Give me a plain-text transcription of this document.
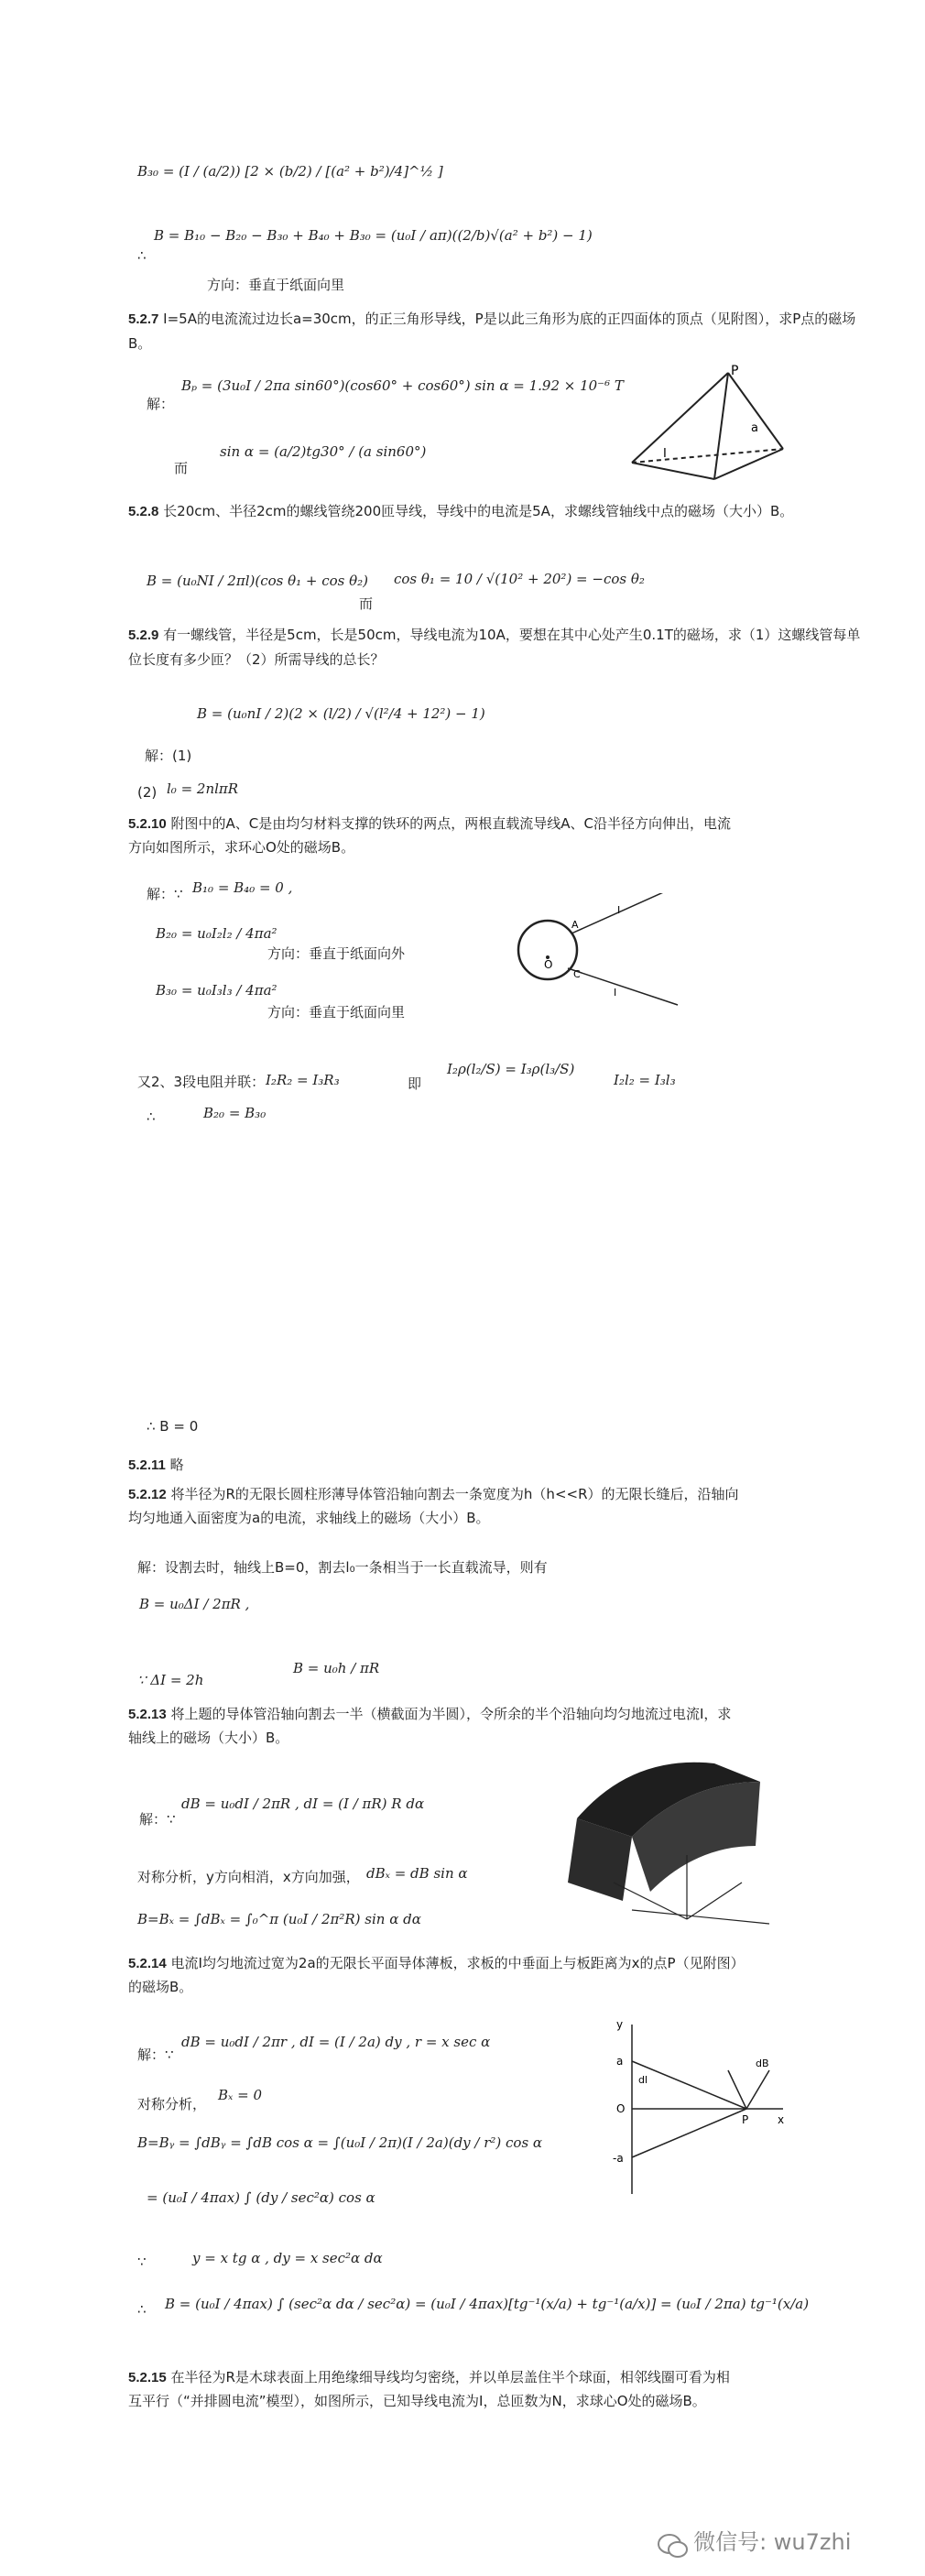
B₃₀ = (I / (a/2)) [2 × (b/2) / [(a² + b²)/4]^½ ]
∴
B = B₁₀ − B₂₀ − B₃₀ + B₄₀ + B₃₀ = (u₀I / aπ)((2/b)√(a² + b²) − 1)
方向：垂直于纸面向里
5.2.7 I=5A的电流流过边长a=30cm，的正三角形导线，P是以此三角形为底的正四面体的顶点（见附图），求P点的磁场B。
解：
Bₚ = (3u₀I / 2πa sin60°)(cos60° + cos60°) sin α = 1.92 × 10⁻⁶ T
而
sin α = (a/2)tg30° / (a sin60°)
P
I
a
5.2.8 长20cm、半径2cm的螺线管绕200匝导线，导线中的电流是5A，求螺线管轴线中点的磁场（大小）B。
B = (u₀NI / 2πl)(cos θ₁ + cos θ₂)
而
cos θ₁ = 10 / √(10² + 20²) = −cos θ₂
5.2.9 有一螺线管，半径是5cm，长是50cm，导线电流为10A，要想在其中心处产生0.1T的磁场，求（1）这螺线管每单位长度有多少匝？（2）所需导线的总长？
B = (u₀nI / 2)(2 × (l/2) / √(l²/4 + 12²) − 1)
解：(1)
(2) l₀ = 2nlπR
5.2.10 附图中的A、C是由均匀材料支撑的铁环的两点，两根直载流导线A、C沿半径方向伸出，电流
方向如图所示，求环心O处的磁场B。
解：∵ B₁₀ = B₄₀ = 0 ,
B₂₀ = u₀I₂l₂ / 4πa²
方向：垂直于纸面向外
B₃₀ = u₀I₃l₃ / 4πa²
方向：垂直于纸面向里
A
O
C
I
I
又2、3段电阻并联： I₂R₂ = I₃R₃	即
I₂ρ(l₂/S) = I₃ρ(l₃/S)
I₂l₂ = I₃l₃
∴	B₂₀ = B₃₀
∴ B = 0
5.2.11 略
5.2.12 将半径为R的无限长圆柱形薄导体管沿轴向割去一条宽度为h（h<<R）的无限长缝后，沿轴向
均匀地通入面密度为a的电流，求轴线上的磁场（大小）B。
解：设割去时，轴线上B=0，割去l₀一条相当于一长直载流导，则有
B = u₀ΔI / 2πR ,
∵ ΔI = 2h
B = u₀h / πR
5.2.13 将上题的导体管沿轴向割去一半（横截面为半圆），令所余的半个沿轴向均匀地流过电流I，求
轴线上的磁场（大小）B。
解：∵
dB = u₀dI / 2πR , dI = (I / πR) R dα
对称分析，y方向相消，x方向加强， dBₓ = dB sin α
B=Bₓ = ∫dBₓ = ∫₀^π (u₀I / 2π²R) sin α dα
5.2.14 电流I均匀地流过宽为2a的无限长平面导体薄板，求板的中垂面上与板距离为x的点P（见附图）
的磁场B。
解：∵
dB = u₀dI / 2πr , dI = (I / 2a) dy , r = x sec α
对称分析，
Bₓ = 0
B=Bᵧ = ∫dBᵧ = ∫dB cos α = ∫(u₀I / 2π)(I / 2a)(dy / r²) cos α
= (u₀I / 4πax) ∫ (dy / sec²α) cos α
∵	y = x tg α , dy = x sec²α dα
∴ B = (u₀I / 4πax) ∫ (sec²α dα / sec²α) = (u₀I / 4πax)[tg⁻¹(x/a) + tg⁻¹(a/x)] = (u₀I / 2πa) tg⁻¹(x/a)
y
a
O
P	x
-a
dB
dl
5.2.15 在半径为R是木球表面上用绝缘细导线均匀密绕，并以单层盖住半个球面，相邻线圈可看为相
互平行（“并排圆电流”模型），如图所示，已知导线电流为I，总匝数为N，求球心O处的磁场B。
微信号: wu7zhi
